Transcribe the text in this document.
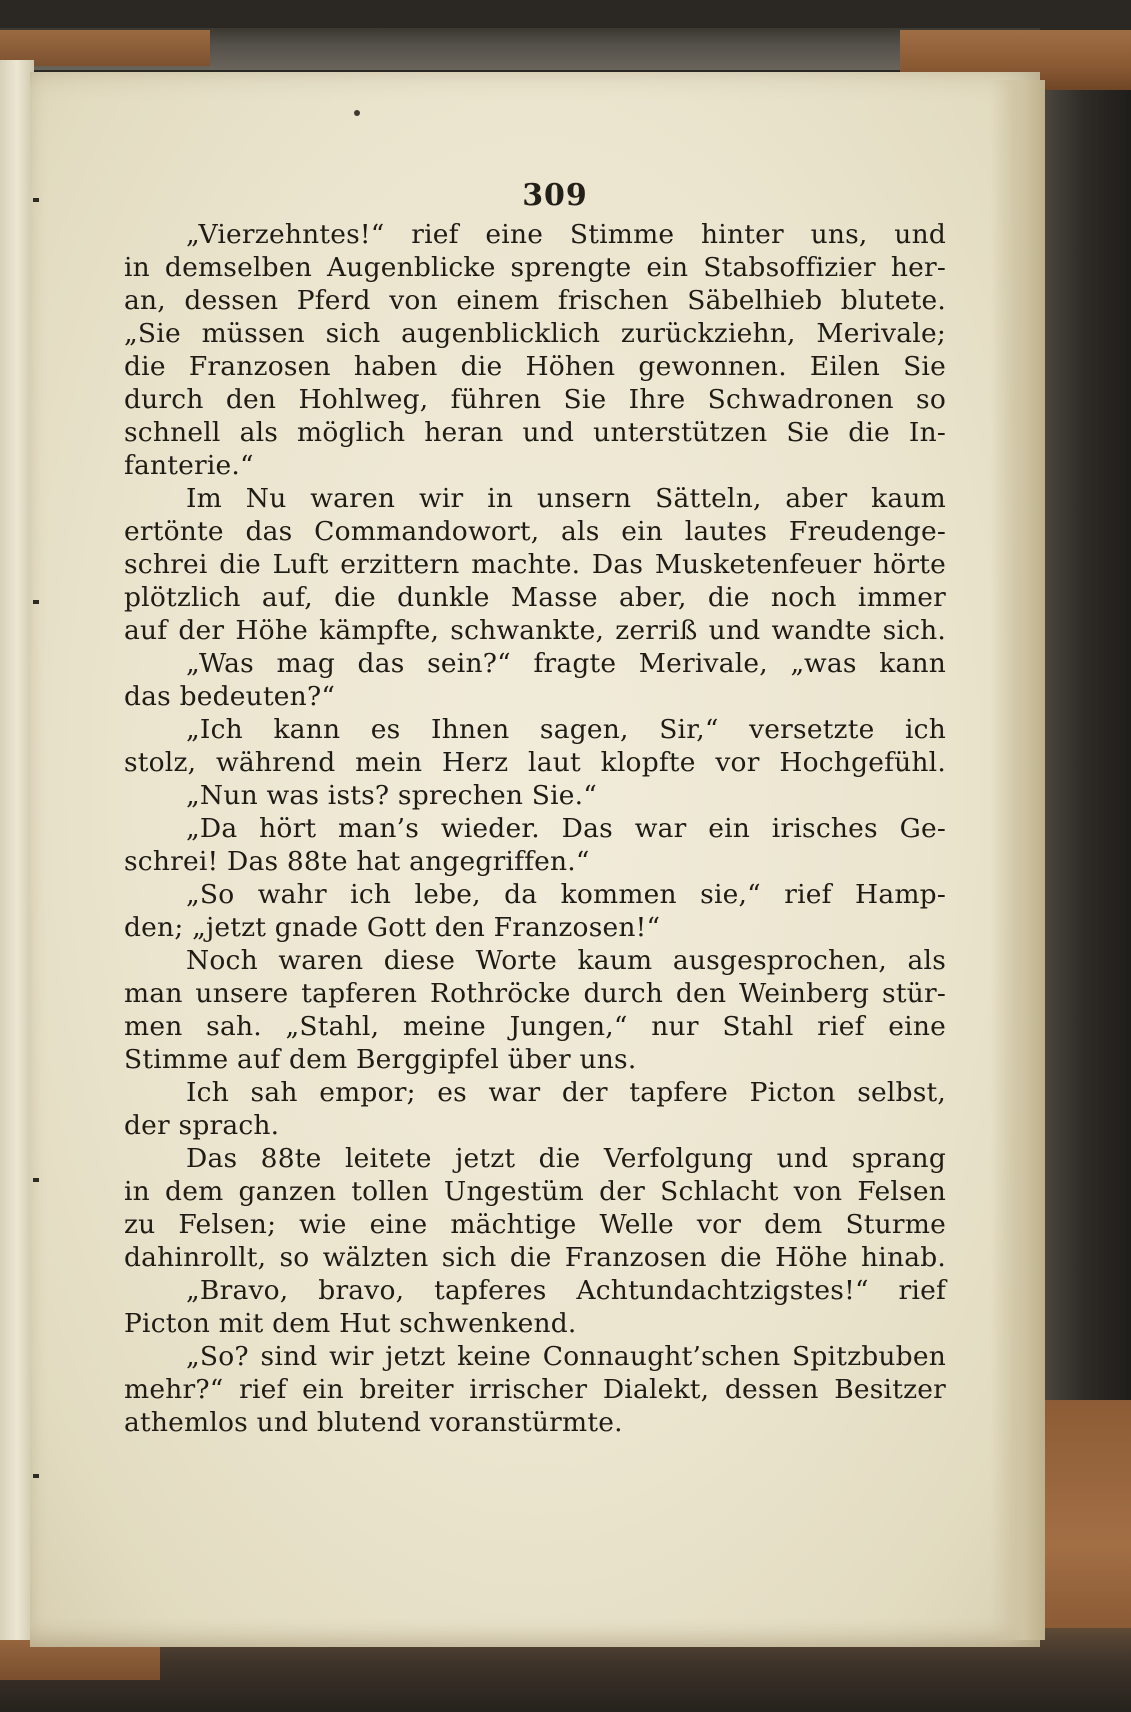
309
„Vierzehntes!“ rief eine Stimme hinter uns, und
in demselben Augenblicke sprengte ein Stabsoffizier her-
an, dessen Pferd von einem frischen Säbelhieb blutete.
„Sie müssen sich augenblicklich zurückziehn, Merivale;
die Franzosen haben die Höhen gewonnen. Eilen Sie
durch den Hohlweg, führen Sie Ihre Schwadronen so
schnell als möglich heran und unterstützen Sie die In-
fanterie.“
Im Nu waren wir in unsern Sätteln, aber kaum
ertönte das Commandowort, als ein lautes Freudenge-
schrei die Luft erzittern machte. Das Musketenfeuer hörte
plötzlich auf, die dunkle Masse aber, die noch immer
auf der Höhe kämpfte, schwankte, zerriß und wandte sich.
„Was mag das sein?“ fragte Merivale, „was kann
das bedeuten?“
„Ich kann es Ihnen sagen, Sir,“ versetzte ich
stolz, während mein Herz laut klopfte vor Hochgefühl.
„Nun was ists? sprechen Sie.“
„Da hört man’s wieder. Das war ein irisches Ge-
schrei! Das 88te hat angegriffen.“
„So wahr ich lebe, da kommen sie,“ rief Hamp-
den; „jetzt gnade Gott den Franzosen!“
Noch waren diese Worte kaum ausgesprochen, als
man unsere tapferen Rothröcke durch den Weinberg stür-
men sah. „Stahl, meine Jungen,“ nur Stahl rief eine
Stimme auf dem Berggipfel über uns.
Ich sah empor; es war der tapfere Picton selbst,
der sprach.
Das 88te leitete jetzt die Verfolgung und sprang
in dem ganzen tollen Ungestüm der Schlacht von Felsen
zu Felsen; wie eine mächtige Welle vor dem Sturme
dahinrollt, so wälzten sich die Franzosen die Höhe hinab.
„Bravo, bravo, tapferes Achtundachtzigstes!“ rief
Picton mit dem Hut schwenkend.
„So? sind wir jetzt keine Connaught’schen Spitzbuben
mehr?“ rief ein breiter irrischer Dialekt, dessen Besitzer
athemlos und blutend voranstürmte.
